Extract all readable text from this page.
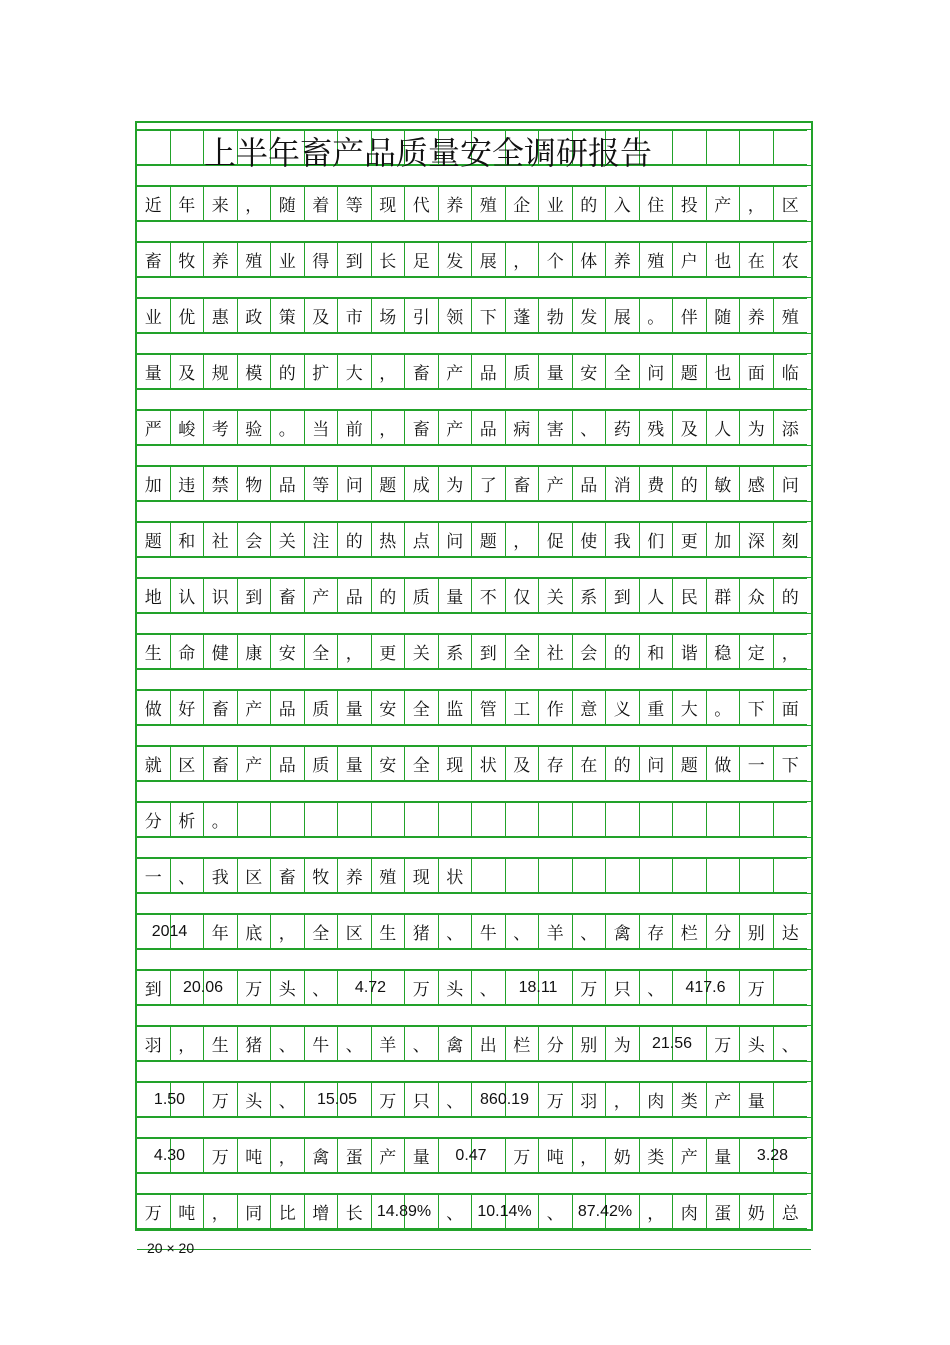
近 年 来 ， 随 着 等 现 代 养 殖 企 业 的 入 住 投 产 ，	区
畜 牧 养 殖 业 得 到 长 足 发 展 ， 个 体 养 殖 户 也 在	农
业 优 惠 政 策 及 市 场 引 领 下 蓬 勃 发 展 。 伴 随 养	殖
量 及 规 模 的 扩 大 ， 畜 产 品 质 量 安 全 问 题 也 面	临
严 峻 考 验 。 当 前 ， 畜 产 品 病 害 、 药 残 及 人 为	添
加 违 禁 物 品 等 问 题 成 为 了 畜 产 品 消 费 的 敏 感	问
题 和 社 会 关 注 的 热 点 问 题 ， 促 使 我 们 更 加 深	刻
地 认 识 到 畜 产 品 的 质 量 不 仅 关 系 到 人 民 群 众	的
生 命 健 康 安 全 ， 更 关 系 到 全 社 会 的 和 谐 稳 定	，
做 好 畜 产 品 质 量 安 全 监 管 工 作 意 义 重 大 。 下	面
就 区 畜 产 品 质 量 安 全 现 状 及 存 在 的 问 题 做 一	下
分 析 。
一 、 我 区 畜 牧 养 殖 现 状
2014	年 底 ， 全 区 生 猪 、 牛 、 羊 、 禽 存 栏 分 别	达
到	20.06	万 头 、	4.72	万 头 、	18.11	万 只 、	417.6	万
羽 ， 生 猪 、 牛 、 羊 、 禽 出 栏 分 别 为	21.56	万 头	、
1.50	万 头 、	15.05	万 只 、	860.19	万 羽 ， 肉 类 产 量
4.30	万 吨 ， 禽 蛋 产 量	0.47	万 吨 ， 奶 类 产 量	3.28
万 吨 ， 同 比 增 长 14.89% 、 10.14% 、 87.42% ， 肉 蛋 奶	总
上半年畜产品质量安全调研报告
20 × 20
